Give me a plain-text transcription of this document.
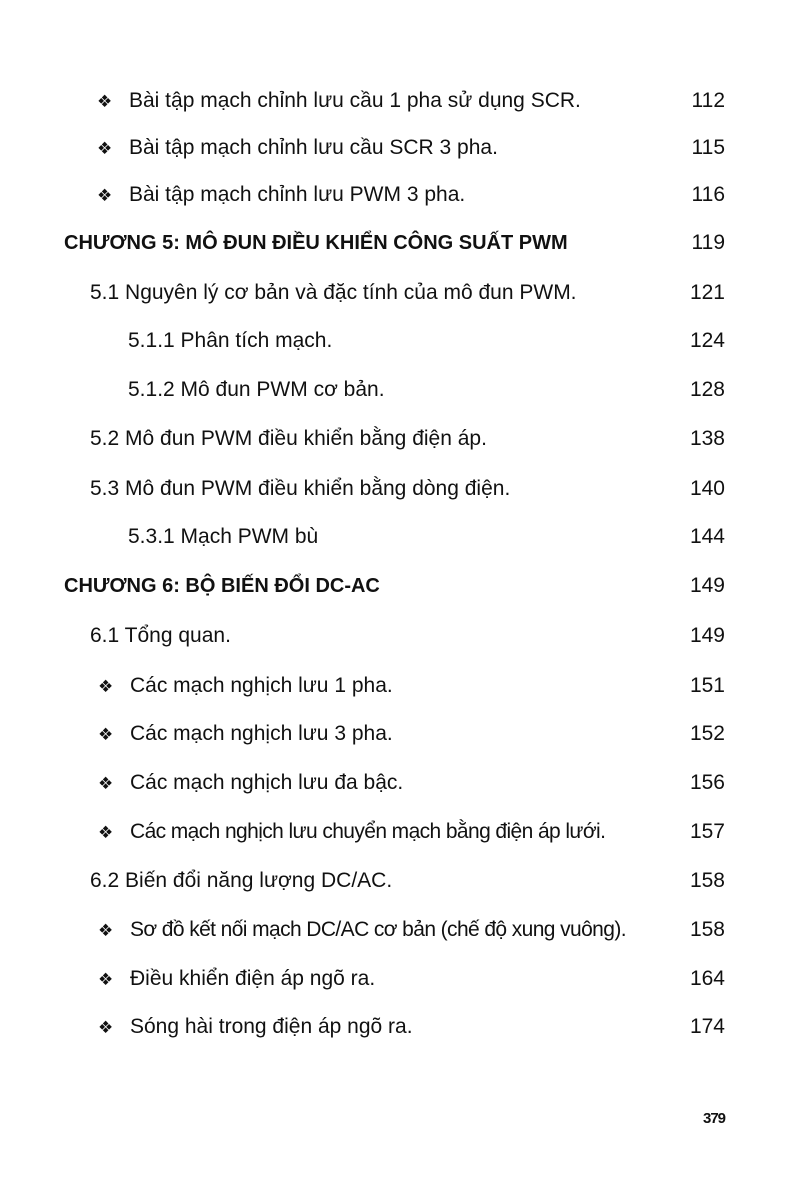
❖ Bài tập mạch chỉnh lưu cầu 1 pha sử dụng SCR.	112
❖ Bài tập mạch chỉnh lưu cầu SCR 3 pha.	115
❖ Bài tập mạch chỉnh lưu PWM 3 pha.	116
CHƯƠNG 5: MÔ ĐUN ĐIỀU KHIỂN CÔNG SUẤT PWM	119
5.1 Nguyên lý cơ bản và đặc tính của mô đun PWM.	121
5.1.1 Phân tích mạch.	124
5.1.2 Mô đun PWM cơ bản.	128
5.2 Mô đun PWM điều khiển bằng điện áp.	138
5.3 Mô đun PWM điều khiển bằng dòng điện.	140
5.3.1 Mạch PWM bù	144
CHƯƠNG 6: BỘ BIẾN ĐỔI DC-AC	149
6.1 Tổng quan.	149
❖ Các mạch nghịch lưu 1 pha.	151
❖ Các mạch nghịch lưu 3 pha.	152
❖ Các mạch nghịch lưu đa bậc.	156
❖ Các mạch nghịch lưu chuyển mạch bằng điện áp lưới.	157
6.2 Biến đổi năng lượng DC/AC.	158
❖ Sơ đồ kết nối mạch DC/AC cơ bản (chế độ xung vuông).	158
❖ Điều khiển điện áp ngõ ra.	164
❖ Sóng hài trong điện áp ngõ ra.	174
379
